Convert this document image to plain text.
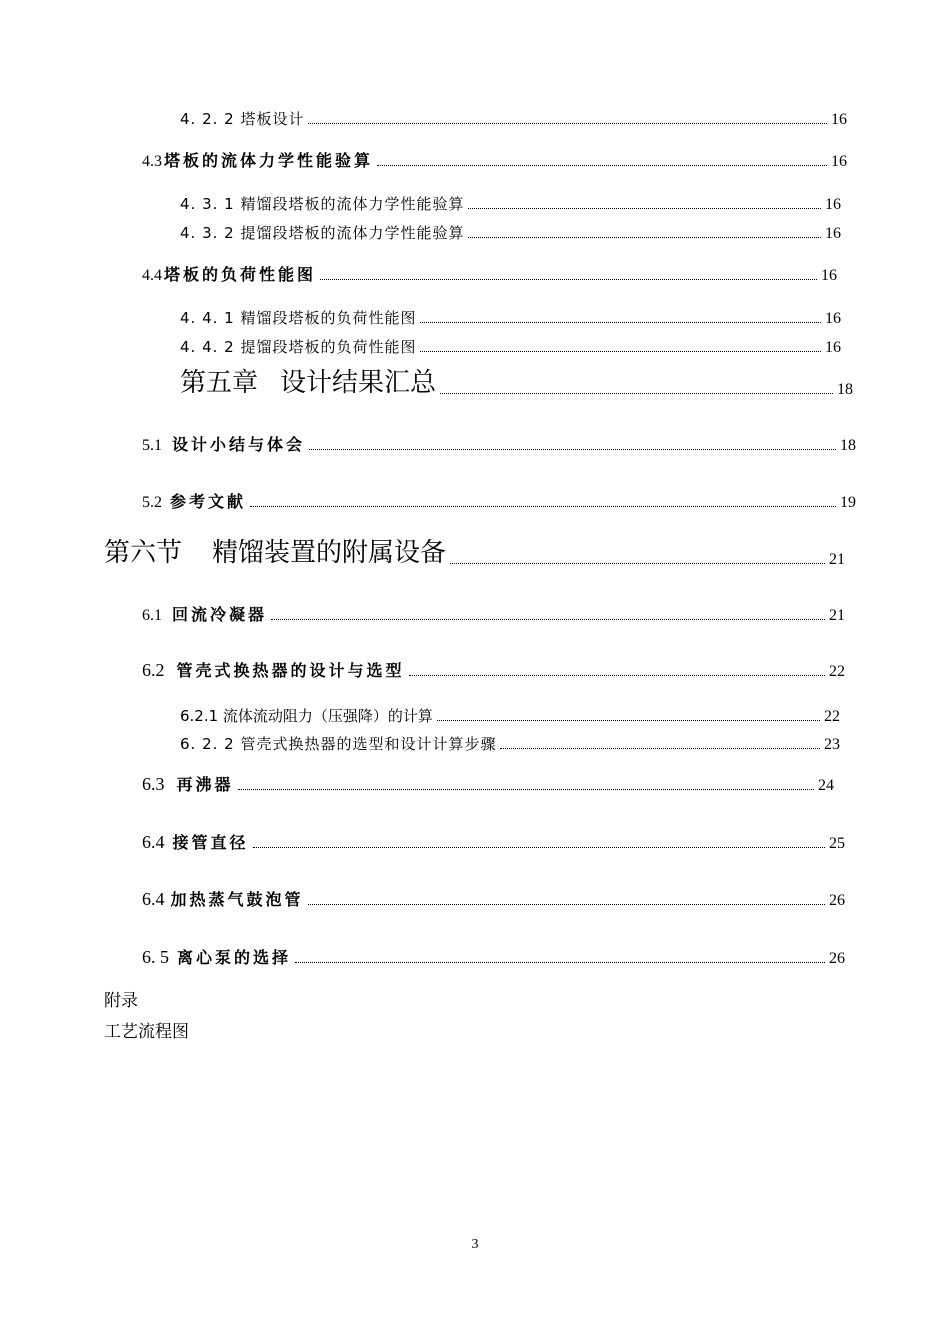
4. 2. 2 塔板设计	16
4.3 塔板的流体力学性能验算	16
4. 3. 1 精馏段塔板的流体力学性能验算	16
4. 3. 2 提馏段塔板的流体力学性能验算	16
4.4 塔板的负荷性能图	16
4. 4. 1 精馏段塔板的负荷性能图	16
4. 4. 2 提馏段塔板的负荷性能图	16
第五章 设计结果汇总	18
5.1 设计小结与体会	18
5.2 参考文献	19
第六节 精馏装置的附属设备	21
6.1 回流冷凝器	21
6.2 管壳式换热器的设计与选型	22
6.2.1 流体流动阻力（压强降）的计算	22
6. 2. 2 管壳式换热器的选型和设计计算步骤	23
6.3 再沸器	24
6.4 接管直径	25
6.4 加热蒸气鼓泡管	26
6. 5 离心泵的选择	26
附录
工艺流程图
3
